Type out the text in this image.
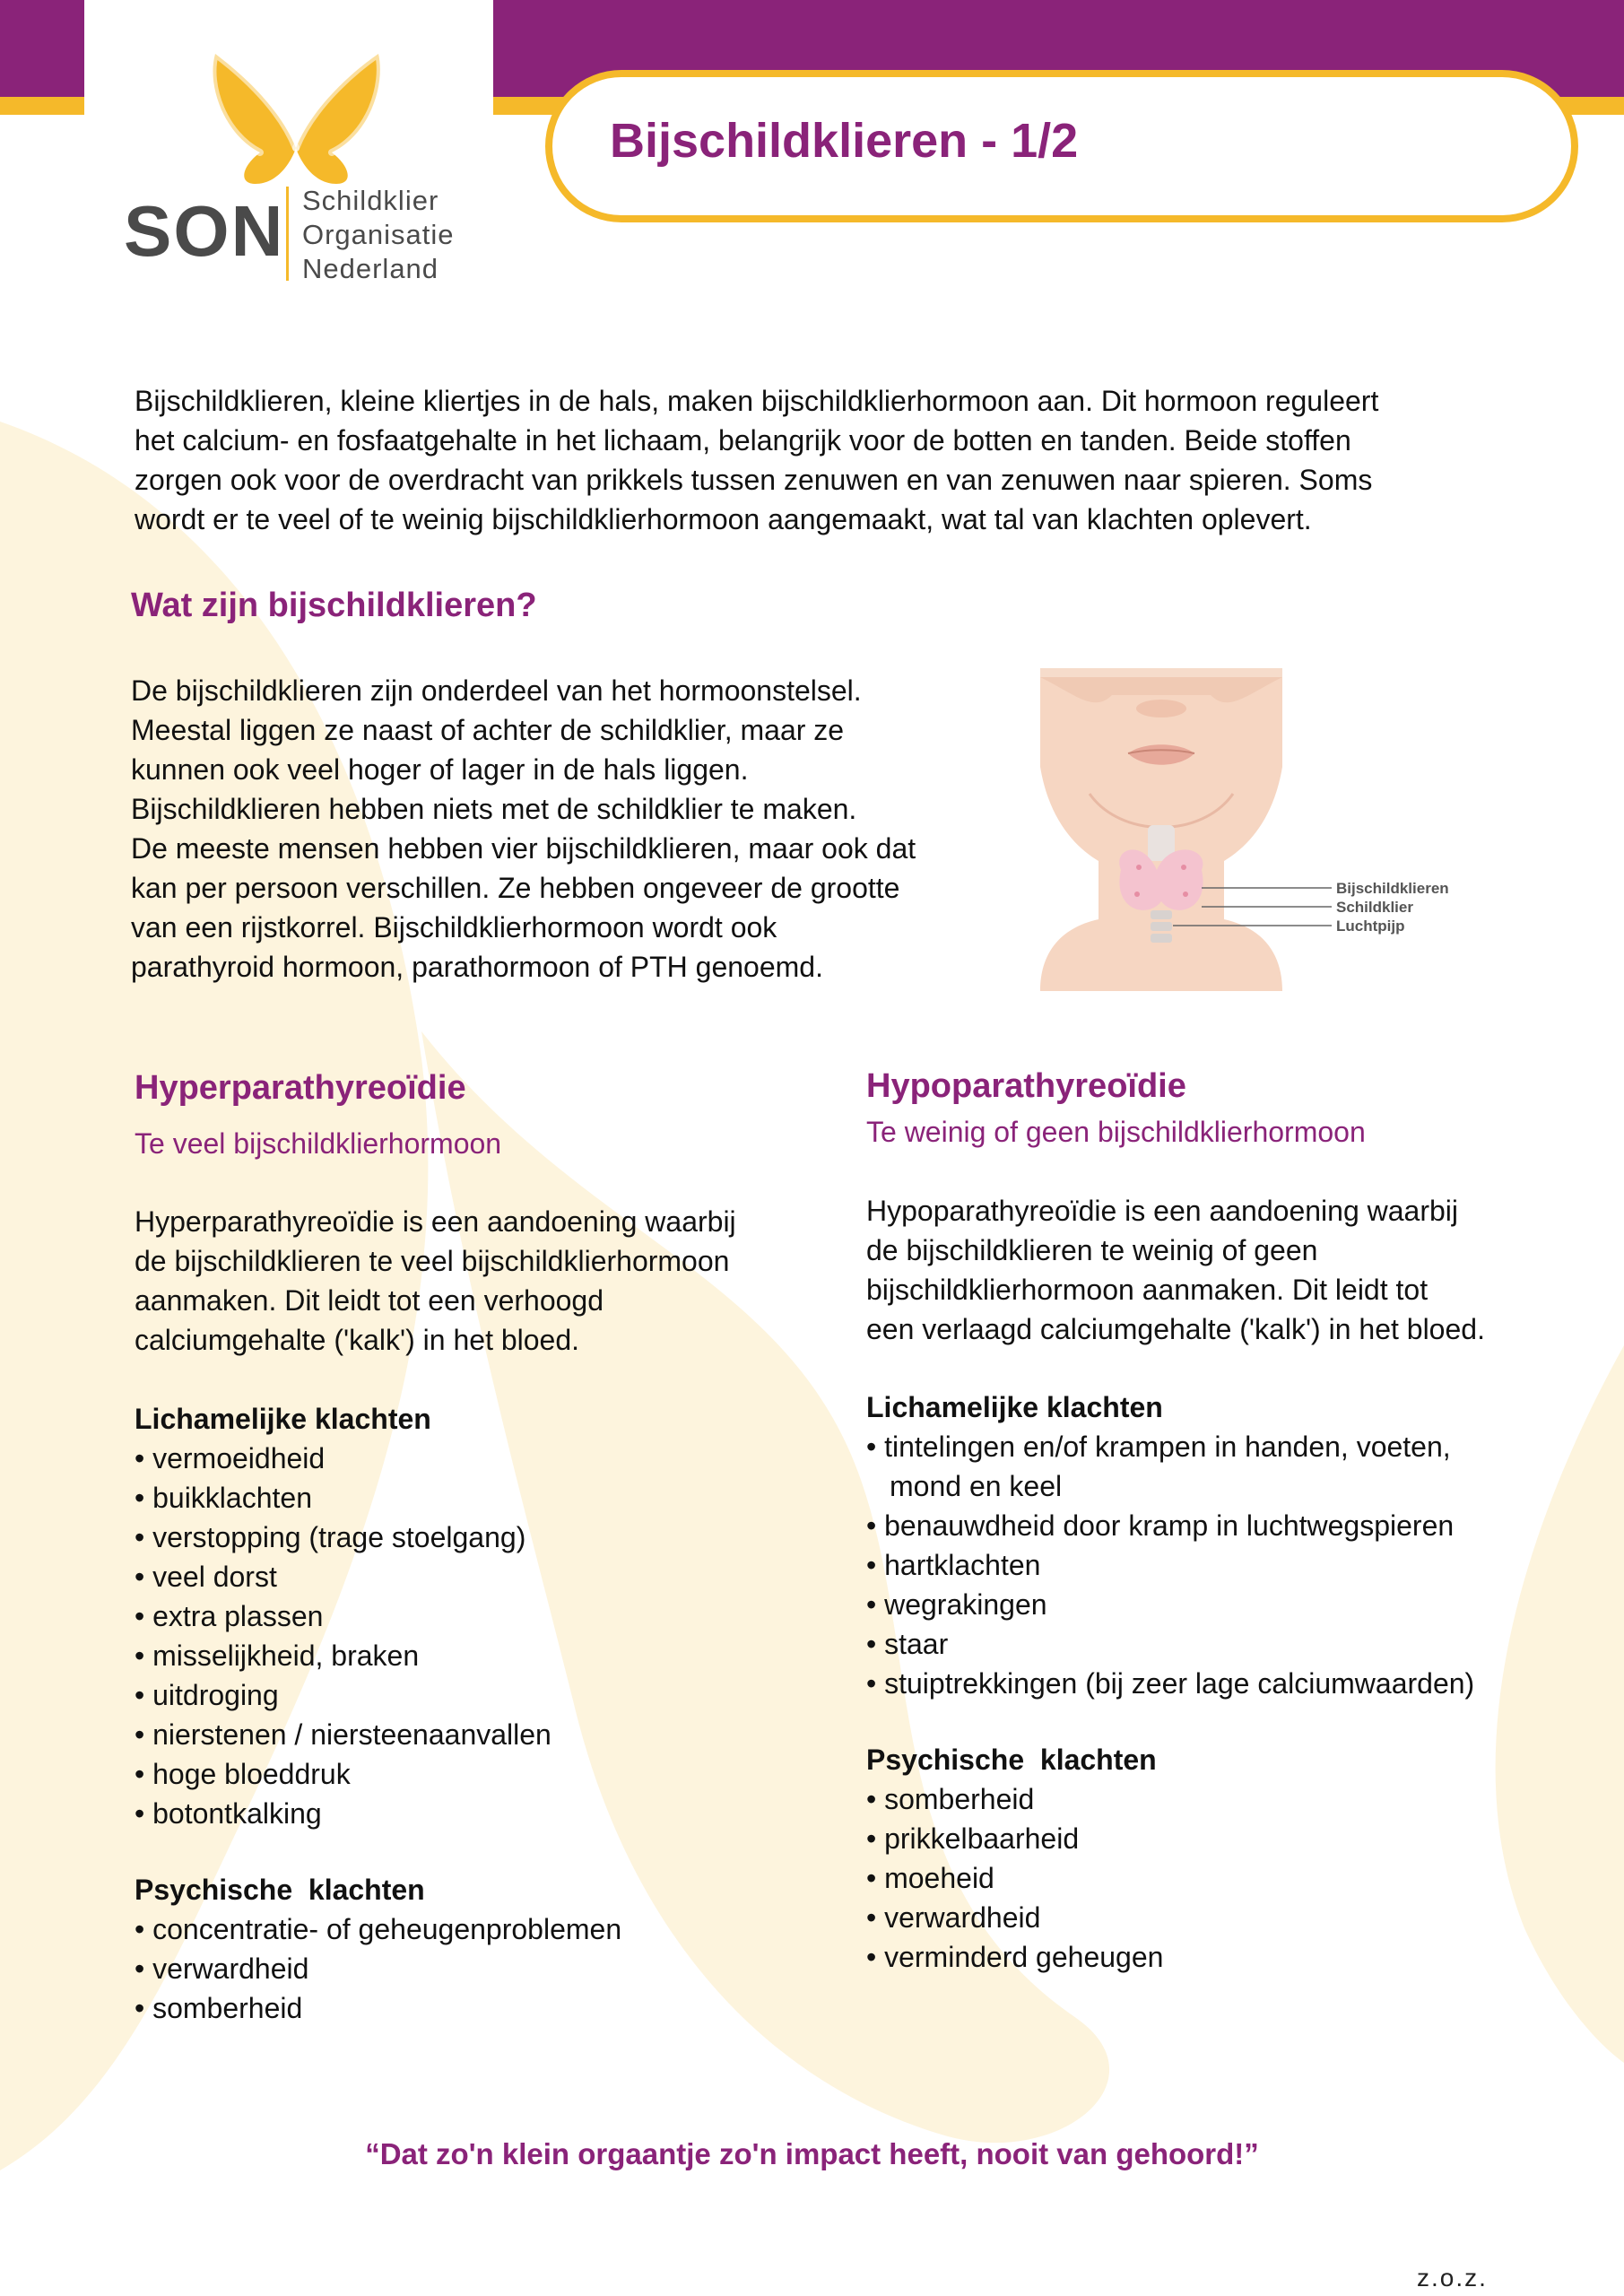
SON Schildklier
Organisatie
Nederland
Bijschildklieren - 1/2

Bijschildklieren, kleine kliertjes in de hals, maken bijschildklierhormoon aan. Dit hormoon reguleert

het calcium- en fosfaatgehalte in het lichaam, belangrijk voor de botten en tanden. Beide stoffen

zorgen ook voor de overdracht van prikkels tussen zenuwen en van zenuwen naar spieren. Soms

wordt er te veel of te weinig bijschildklierhormoon aangemaakt, wat tal van klachten oplevert.

Wat zijn bijschildklieren?

De bijschildklieren zijn onderdeel van het hormoonstelsel.

Meestal liggen ze naast of achter de schildklier, maar ze

kunnen ook veel hoger of lager in de hals liggen.

Bijschildklieren hebben niets met de schildklier te maken.

De meeste mensen hebben vier bijschildklieren, maar ook dat

kan per persoon verschillen. Ze hebben ongeveer de grootte

van een rijstkorrel. Bijschildklierhormoon wordt ook

parathyroid hormoon, parathormoon of PTH genoemd.

Bijschildklieren
Schildklier
Luchtpijp
Hyperparathyreoïdie
Te veel bijschildklierhormoon

Hyperparathyreoïdie is een aandoening waarbij

de bijschildklieren te veel bijschildklierhormoon

aanmaken. Dit leidt tot een verhoogd

calciumgehalte ('kalk') in het bloed.

Lichamelijke klachten

• vermoeidheid

• buikklachten

• verstopping (trage stoelgang)

• veel dorst

• extra plassen

• misselijkheid, braken

• uitdroging

• nierstenen / niersteenaanvallen

• hoge bloeddruk

• botontkalking

Psychische  klachten

• concentratie- of geheugenproblemen

• verwardheid

• somberheid

Hypoparathyreoïdie
Te weinig of geen bijschildklierhormoon

Hypoparathyreoïdie is een aandoening waarbij

de bijschildklieren te weinig of geen

bijschildklierhormoon aanmaken. Dit leidt tot

een verlaagd calciumgehalte ('kalk') in het bloed.

Lichamelijke klachten

• tintelingen en/of krampen in handen, voeten,

mond en keel

• benauwdheid door kramp in luchtwegspieren

• hartklachten

• wegrakingen

• staar

• stuiptrekkingen (bij zeer lage calciumwaarden)

Psychische  klachten

• somberheid

• prikkelbaarheid

• moeheid

• verwardheid

• verminderd geheugen

“Dat zo'n klein orgaantje zo'n impact heeft, nooit van gehoord!”
z.o.z.
